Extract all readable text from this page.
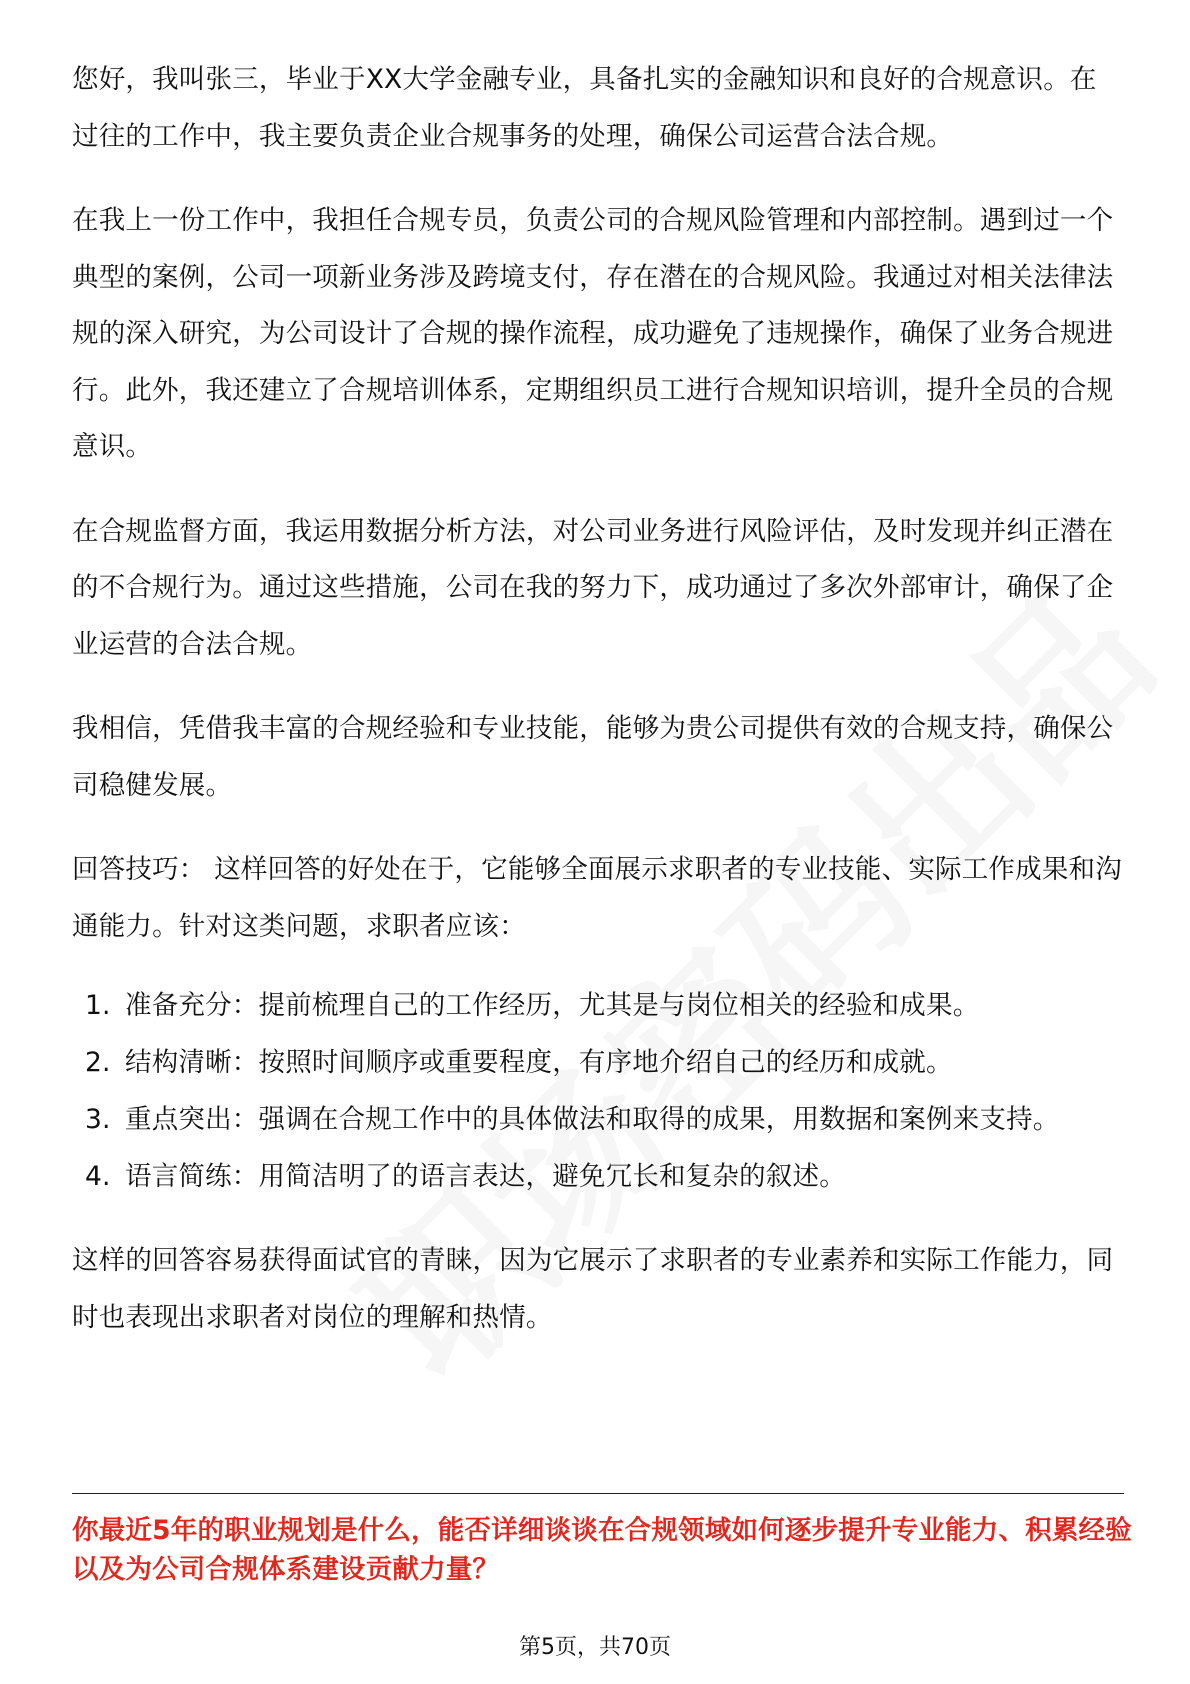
您好，我叫张三，毕业于XX大学金融专业，具备扎实的金融知识和良好的合规意识。在过往的工作中，我主要负责企业合规事务的处理，确保公司运营合法合规。

在我上一份工作中，我担任合规专员，负责公司的合规风险管理和内部控制。遇到过一个典型的案例，公司一项新业务涉及跨境支付，存在潜在的合规风险。我通过对相关法律法规的深入研究，为公司设计了合规的操作流程，成功避免了违规操作，确保了业务合规进行。此外，我还建立了合规培训体系，定期组织员工进行合规知识培训，提升全员的合规意识。

在合规监督方面，我运用数据分析方法，对公司业务进行风险评估，及时发现并纠正潜在的不合规行为。通过这些措施，公司在我的努力下，成功通过了多次外部审计，确保了企业运营的合法合规。

我相信，凭借我丰富的合规经验和专业技能，能够为贵公司提供有效的合规支持，确保公司稳健发展。

回答技巧： 这样回答的好处在于，它能够全面展示求职者的专业技能、实际工作成果和沟通能力。针对这类问题，求职者应该：

1. 准备充分：提前梳理自己的工作经历，尤其是与岗位相关的经验和成果。
2. 结构清晰：按照时间顺序或重要程度，有序地介绍自己的经历和成就。
3. 重点突出：强调在合规工作中的具体做法和取得的成果，用数据和案例来支持。
4. 语言简练：用简洁明了的语言表达，避免冗长和复杂的叙述。

这样的回答容易获得面试官的青睐，因为它展示了求职者的专业素养和实际工作能力，同时也表现出求职者对岗位的理解和热情。

你最近5年的职业规划是什么，能否详细谈谈在合规领域如何逐步提升专业能力、积累经验以及为公司合规体系建设贡献力量？
第5页，共70页
